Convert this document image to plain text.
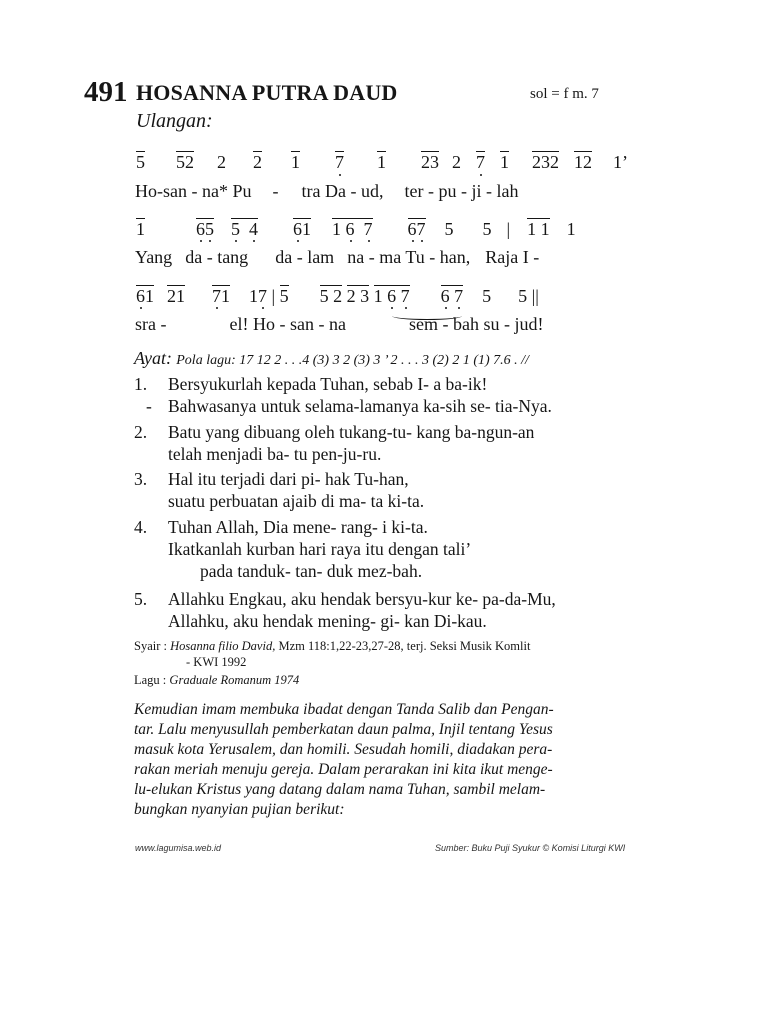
491 HOSANNA PUTRA DAUD	sol = f m. 7
Ulangan:
5 52 2 2 1 7 1 23 2 7 1 232 12 1’
Ho-san - na* Pu - tra Da - ud, ter - pu - ji - lah
1	65 5 4 61 1 6 7 67 5 5 | 1 1 1
Yang da - tang da - lam na - ma Tu - han, Raja I -
61 21 71 17 | 5 5 2 2 3 1 6 7 6 7 5 5 ||
sra -	el! Ho - san - na	sem - bah su - jud!
Ayat: Pola lagu: 17 12 2 . . .4 (3) 3 2 (3) 3 ’ 2 . . . 3 (2) 2 1 (1) 7.6 . //
1. Bersyukurlah kepada Tuhan, sebab I- a ba-ik!
- Bahwasanya untuk selama-lamanya ka-sih se- tia-Nya.
2. Batu yang dibuang oleh tukang-tu- kang ba-ngun-an
telah menjadi ba- tu pen-ju-ru.
3. Hal itu terjadi dari pi- hak Tu-han,
suatu perbuatan ajaib di ma- ta ki-ta.
4. Tuhan Allah, Dia mene- rang- i ki-ta.
Ikatkanlah kurban hari raya itu dengan tali’
pada tanduk- tan- duk mez-bah.
5. Allahku Engkau, aku hendak bersyu-kur ke- pa-da-Mu,
Allahku, aku hendak mening- gi- kan Di-kau.
Syair : Hosanna filio David, Mzm 118:1,22-23,27-28, terj. Seksi Musik Komlit
- KWI 1992
Lagu : Graduale Romanum 1974
Kemudian imam membuka ibadat dengan Tanda Salib dan Pengan-
tar. Lalu menyusullah pemberkatan daun palma, Injil tentang Yesus
masuk kota Yerusalem, dan homili. Sesudah homili, diadakan pera-
rakan meriah menuju gereja. Dalam perarakan ini kita ikut menge-
lu-elukan Kristus yang datang dalam nama Tuhan, sambil melam-
bungkan nyanyian pujian berikut:
www.lagumisa.web.id	Sumber: Buku Puji Syukur © Komisi Liturgi KWI
